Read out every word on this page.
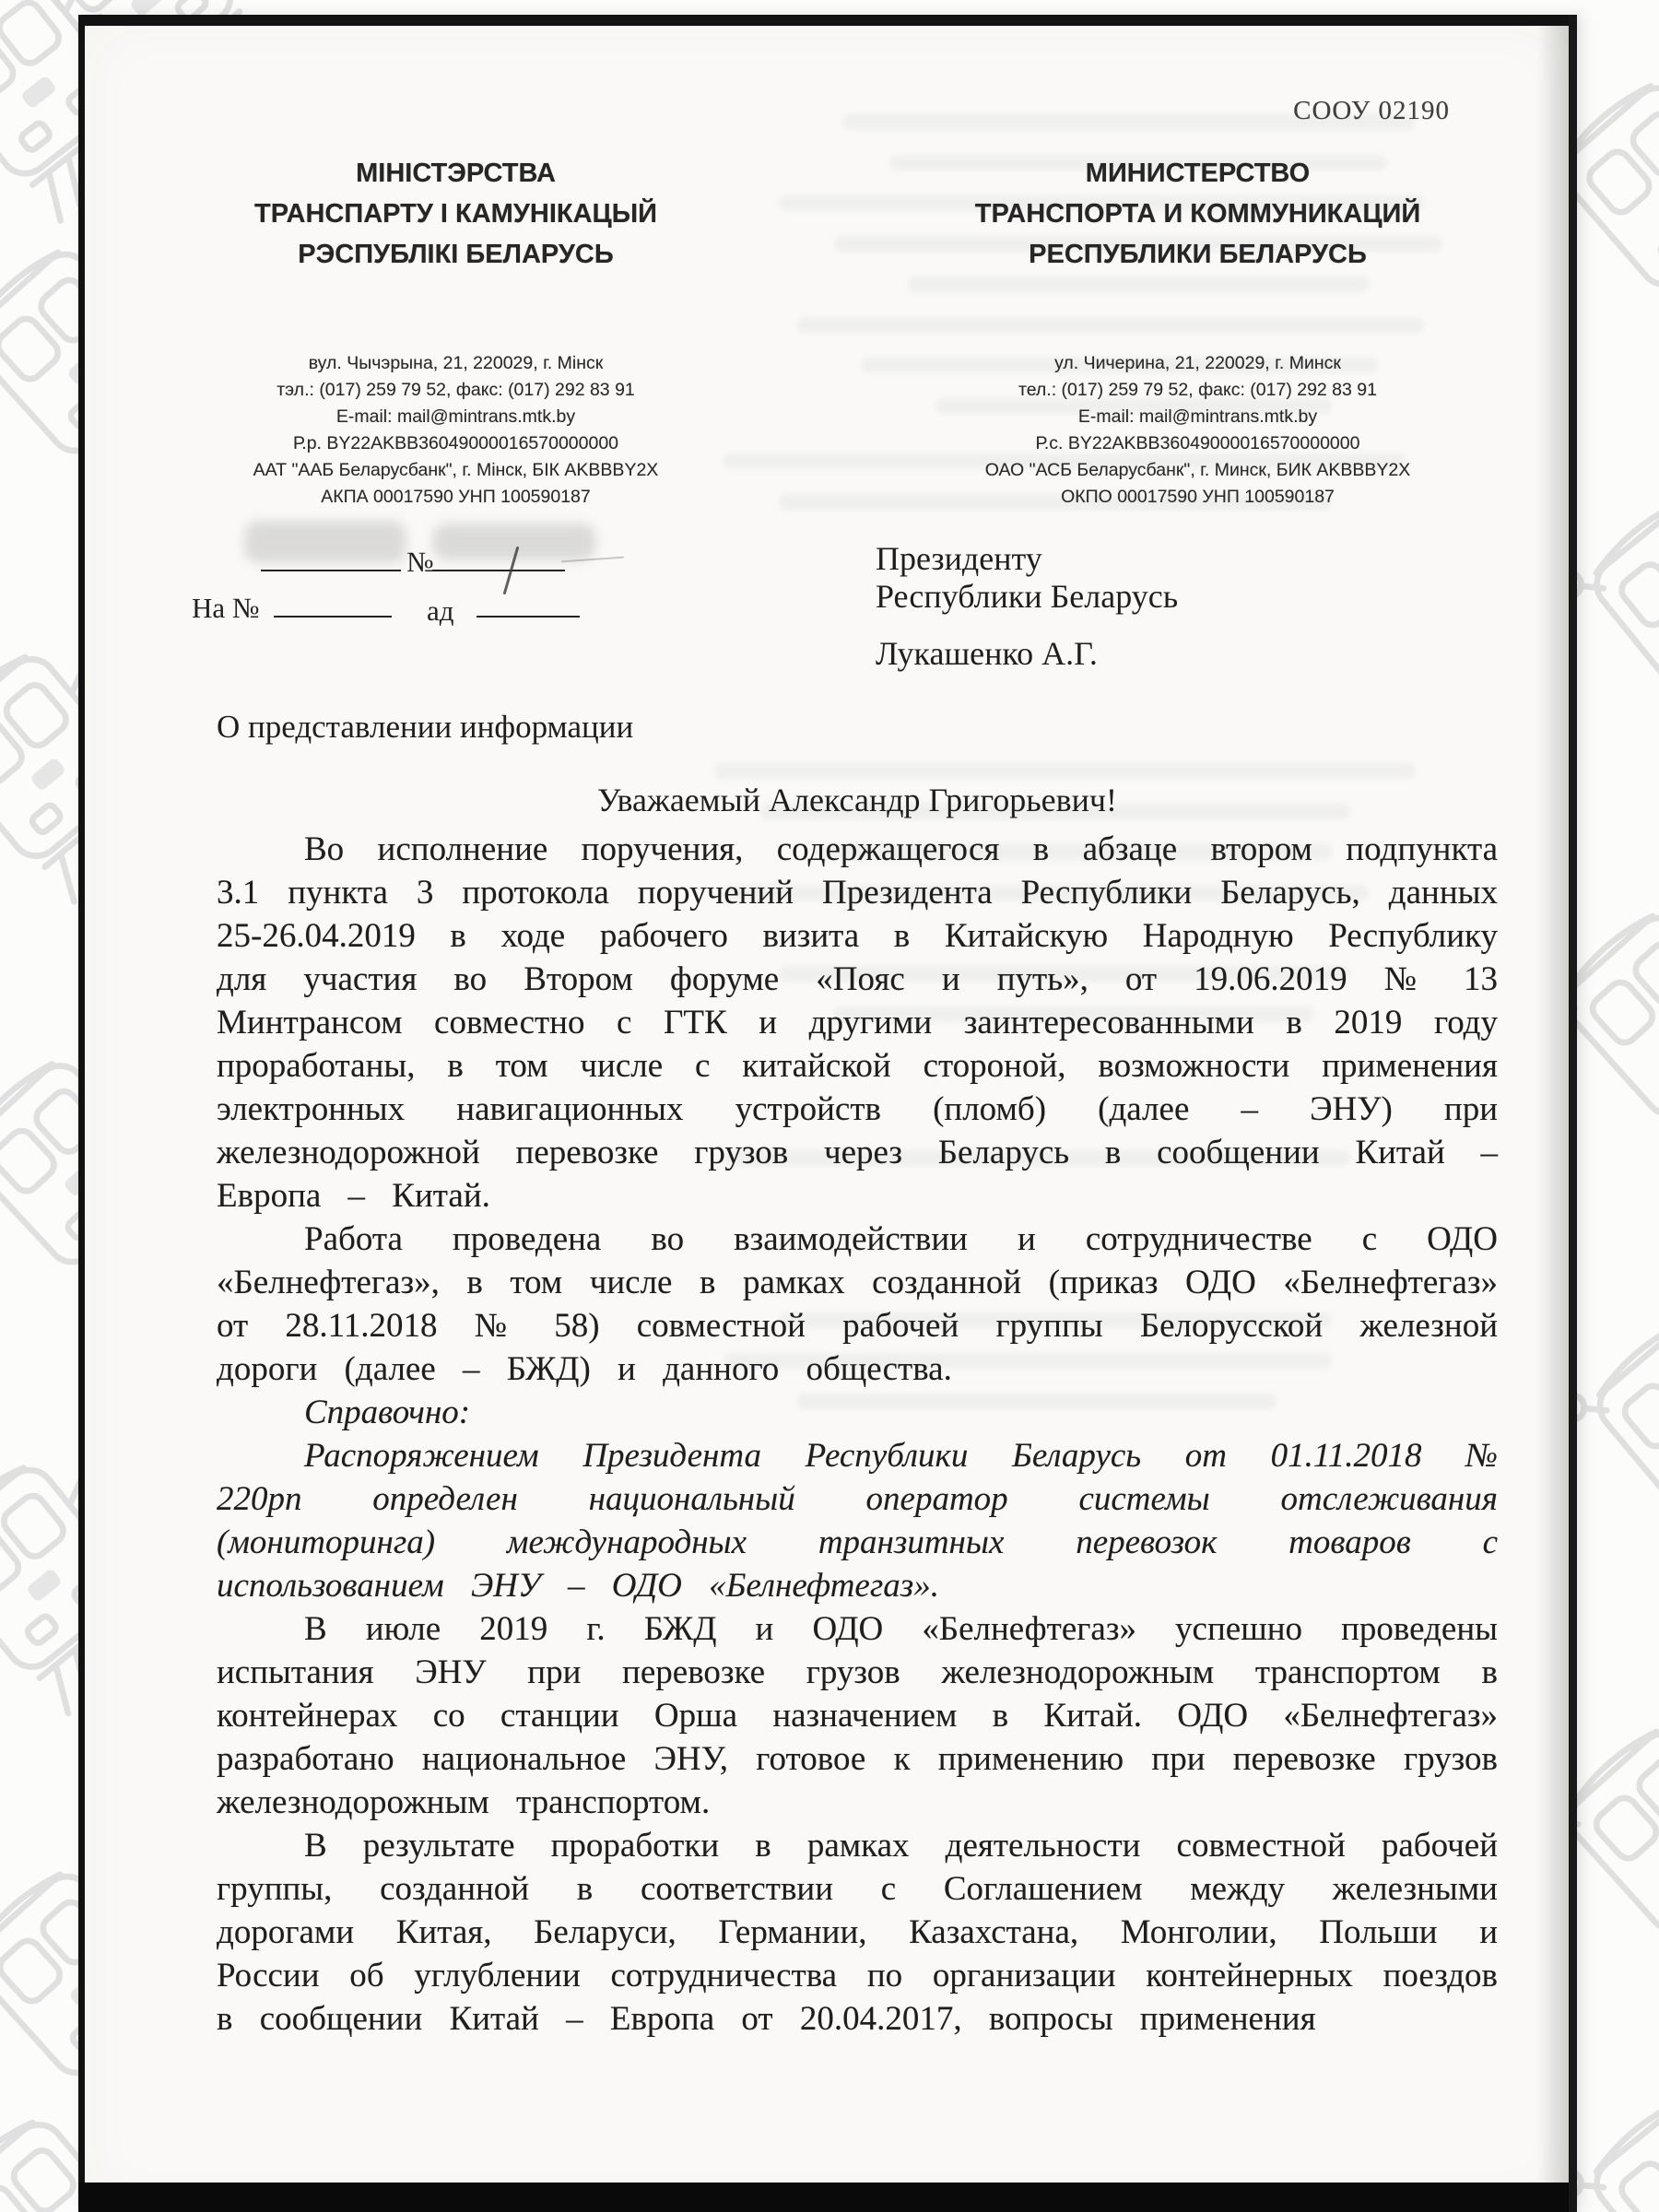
СООУ 02190
МІНІСТЭРСТВА
ТРАНСПАРТУ І КАМУНІКАЦЫЙ
РЭСПУБЛІКІ БЕЛАРУСЬ
МИНИСТЕРСТВО
ТРАНСПОРТА И КОММУНИКАЦИЙ
РЕСПУБЛИКИ БЕЛАРУСЬ
вул. Чычэрына, 21, 220029, г. Мінск
тэл.: (017) 259 79 52, факс: (017) 292 83 91
E-mail: mail@mintrans.mtk.by
Р.р. BY22AKBB36049000016570000000
ААТ "ААБ Беларусбанк", г. Мінск, БІК AKBBBY2X
АКПА 00017590 УНП 100590187
ул. Чичерина, 21, 220029, г. Минск
тел.: (017) 259 79 52, факс: (017) 292 83 91
E-mail: mail@mintrans.mtk.by
Р.с. BY22AKBB36049000016570000000
ОАО "АСБ Беларусбанк", г. Минск, БИК AKBBBY2X
ОКПО 00017590 УНП 100590187
№
На №	ад
Президенту
Республики Беларусь
Лукашенко А.Г.
О представлении информации
Уважаемый Александр Григорьевич!

Во исполнение поручения, содержащегося в абзаце втором подпункта 3.1 пункта 3 протокола поручений Президента Республики Беларусь, данных 25-26.04.2019 в ходе рабочего визита в Китайскую Народную Республику для участия во Втором форуме «Пояс и путь», от 19.06.2019 № 13 Минтрансом совместно с ГТК и другими заинтересованными в 2019 году проработаны, в том числе с китайской стороной, возможности применения электронных навигационных устройств (пломб) (далее – ЭНУ) при железнодорожной перевозке грузов через Беларусь в сообщении Китай – Европа – Китай.

Работа проведена во взаимодействии и сотрудничестве с ОДО «Белнефтегаз», в том числе в рамках созданной (приказ ОДО «Белнефтегаз» от 28.11.2018 № 58) совместной рабочей группы Белорусской железной дороги (далее – БЖД) и данного общества.

Справочно:

Распоряжением Президента Республики Беларусь от 01.11.2018 № 220рп определен национальный оператор системы отслеживания (мониторинга) международных транзитных перевозок товаров с использованием ЭНУ – ОДО «Белнефтегаз».

В июле 2019 г. БЖД и ОДО «Белнефтегаз» успешно проведены испытания ЭНУ при перевозке грузов железнодорожным транспортом в контейнерах со станции Орша назначением в Китай. ОДО «Белнефтегаз» разработано национальное ЭНУ, готовое к применению при перевозке грузов железнодорожным транспортом.

В результате проработки в рамках деятельности совместной рабочей группы, созданной в соответствии с Соглашением между железными дорогами Китая, Беларуси, Германии, Казахстана, Монголии, Польши и России об углублении сотрудничества по организации контейнерных поездов в сообщении Китай – Европа от 20.04.2017, вопросы применения
